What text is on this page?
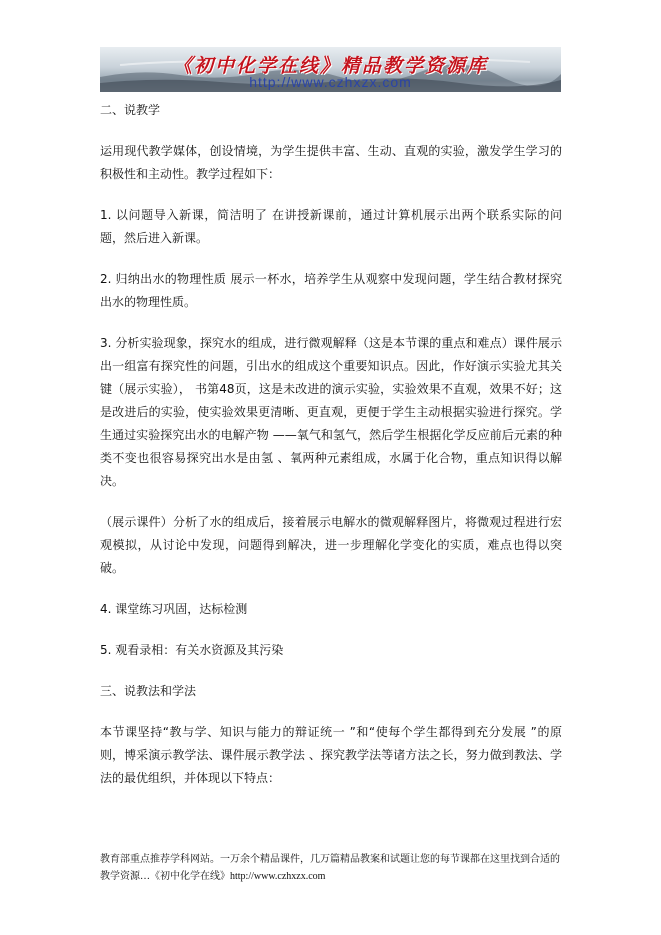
《初中化学在线》精品教学资源库
http://www.czhxzx.com

二、说教学

运用现代教学媒体，创设情境，为学生提供丰富、生动、直观的实验，激发学生学习的积极性和主动性。教学过程如下：

1. 以问题导入新课，简洁明了 在讲授新课前，通过计算机展示出两个联系实际的问题，然后进入新课。

2. 归纳出水的物理性质 展示一杯水，培养学生从观察中发现问题，学生结合教材探究出水的物理性质。

3. 分析实验现象，探究水的组成，进行微观解释（这是本节课的重点和难点）课件展示出一组富有探究性的问题，引出水的组成这个重要知识点。因此，作好演示实验尤其关键（展示实验）， 书第48页，这是未改进的演示实验，实验效果不直观，效果不好；这是改进后的实验，使实验效果更清晰、更直观，更便于学生主动根据实验进行探究。学生通过实验探究出水的电解产物 ——氧气和氢气，然后学生根据化学反应前后元素的种类不变也很容易探究出水是由氢 、氧两种元素组成，水属于化合物，重点知识得以解决。

（展示课件）分析了水的组成后，接着展示电解水的微观解释图片，将微观过程进行宏观模拟，从讨论中发现，问题得到解决，进一步理解化学变化的实质，难点也得以突破。

4. 课堂练习巩固，达标检测

5. 观看录相：有关水资源及其污染

三、说教法和学法

本节课坚持“教与学、知识与能力的辩证统一 ”和“使每个学生都得到充分发展 ”的原则，博采演示教学法、课件展示教学法 、探究教学法等诸方法之长，努力做到教法、学法的最优组织，并体现以下特点：

教育部重点推荐学科网站。一万余个精品课件，几万篇精品教案和试题让您的每节课都在这里找到合适的教学资源…《初中化学在线》http://www.czhxzx.com
